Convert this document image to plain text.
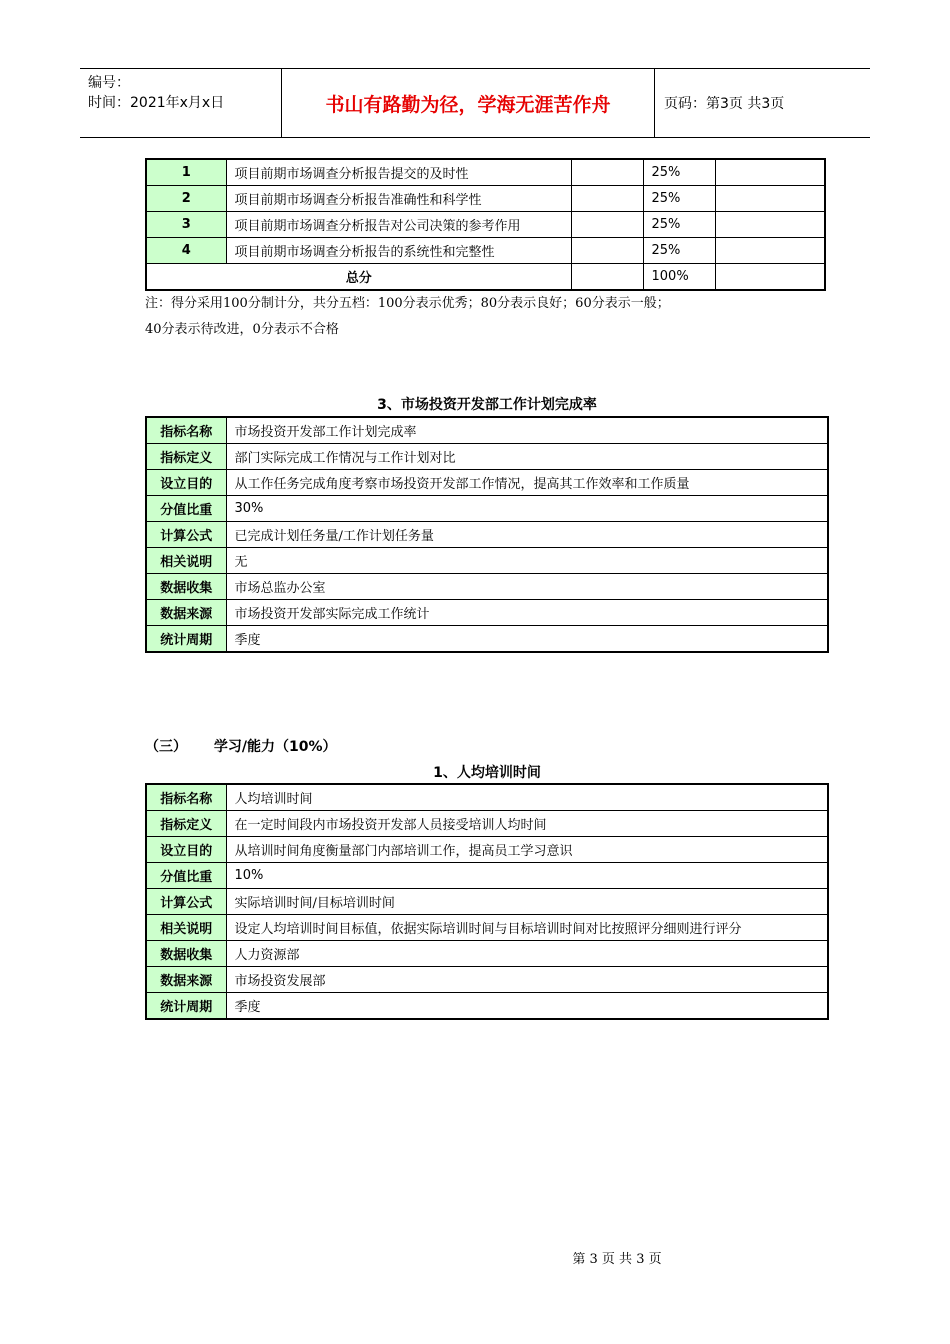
编号：
时间：2021年x月x日	书山有路勤为径，学海无涯苦作舟	页码：第3页 共3页
1	项目前期市场调查分析报告提交的及时性		25%	
2	项目前期市场调查分析报告准确性和科学性		25%	
3	项目前期市场调查分析报告对公司决策的参考作用		25%	
4	项目前期市场调查分析报告的系统性和完整性		25%	
总分			100%	
注：得分采用100分制计分，共分五档：100分表示优秀；80分表示良好；60分表示一般；
40分表示待改进，0分表示不合格
3、市场投资开发部工作计划完成率
指标名称	市场投资开发部工作计划完成率
指标定义	部门实际完成工作情况与工作计划对比
设立目的	从工作任务完成角度考察市场投资开发部工作情况，提高其工作效率和工作质量
分值比重	30%
计算公式	已完成计划任务量/工作计划任务量
相关说明	无
数据收集	市场总监办公室
数据来源	市场投资开发部实际完成工作统计
统计周期	季度
（三） 学习/能力（10%）
1、人均培训时间
指标名称	人均培训时间
指标定义	在一定时间段内市场投资开发部人员接受培训人均时间
设立目的	从培训时间角度衡量部门内部培训工作，提高员工学习意识
分值比重	10%
计算公式	实际培训时间/目标培训时间
相关说明	设定人均培训时间目标值，依据实际培训时间与目标培训时间对比按照评分细则进行评分
数据收集	人力资源部
数据来源	市场投资发展部
统计周期	季度
第 3 页 共 3 页
